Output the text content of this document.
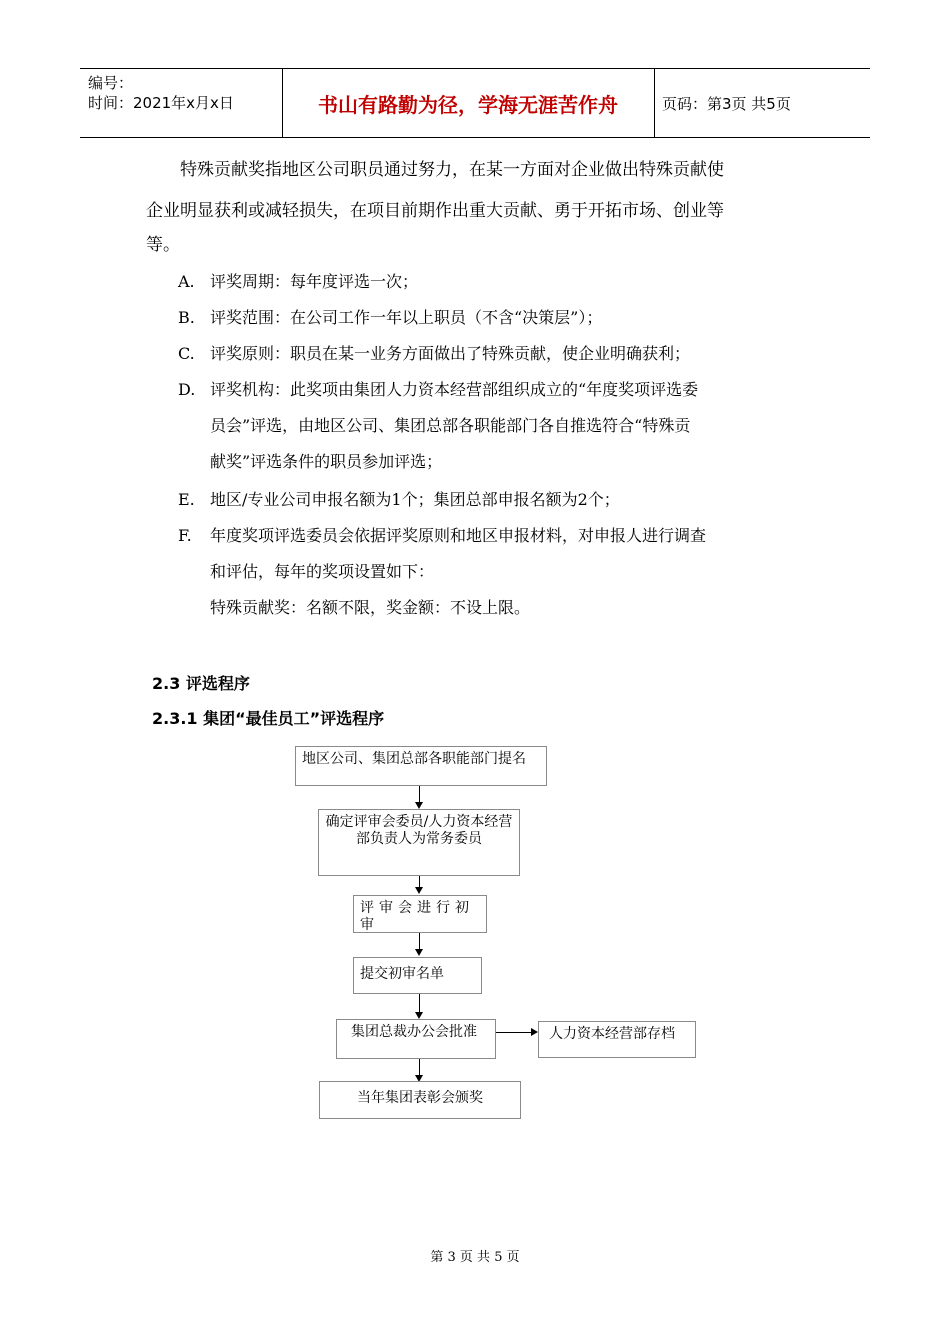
编号：
时间：2021年x月x日	书山有路勤为径，学海无涯苦作舟	页码：第3页 共5页
特殊贡献奖指地区公司职员通过努力，在某一方面对企业做出特殊贡献使
企业明显获利或减轻损失，在项目前期作出重大贡献、勇于开拓市场、创业等
等。
A. 评奖周期：每年度评选一次；
B. 评奖范围：在公司工作一年以上职员（不含“决策层”）；
C. 评奖原则：职员在某一业务方面做出了特殊贡献，使企业明确获利；
D. 评奖机构：此奖项由集团人力资本经营部组织成立的“年度奖项评选委
员会”评选，由地区公司、集团总部各职能部门各自推选符合“特殊贡
献奖”评选条件的职员参加评选；
E. 地区/专业公司申报名额为1个；集团总部申报名额为2个；
F.	年度奖项评选委员会依据评奖原则和地区申报材料，对申报人进行调查
和评估，每年的奖项设置如下：
特殊贡献奖：名额不限，奖金额：不设上限。
2.3 评选程序
2.3.1 集团“最佳员工”评选程序
地区公司、集团总部各职能部门提名
确定评审会委员/人力资本经营部负责人为常务委员
评审会进行初审
提交初审名单
集团总裁办公会批准	人力资本经营部存档
当年集团表彰会颁奖
第 3 页 共 5 页
